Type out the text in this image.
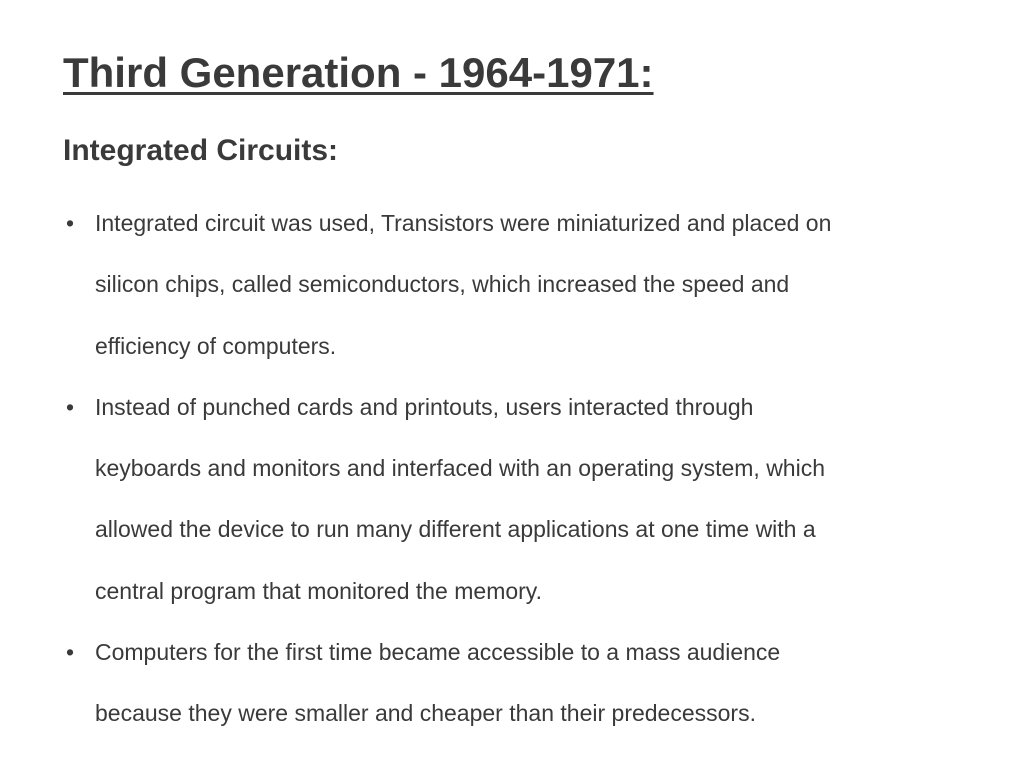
Third Generation - 1964-1971:
Integrated Circuits:
• Integrated circuit was used, Transistors were miniaturized and placed on
silicon chips, called semiconductors, which increased the speed and
efficiency of computers.
• Instead of punched cards and printouts, users interacted through
keyboards and monitors and interfaced with an operating system, which
allowed the device to run many different applications at one time with a
central program that monitored the memory.
• Computers for the first time became accessible to a mass audience
because they were smaller and cheaper than their predecessors.
